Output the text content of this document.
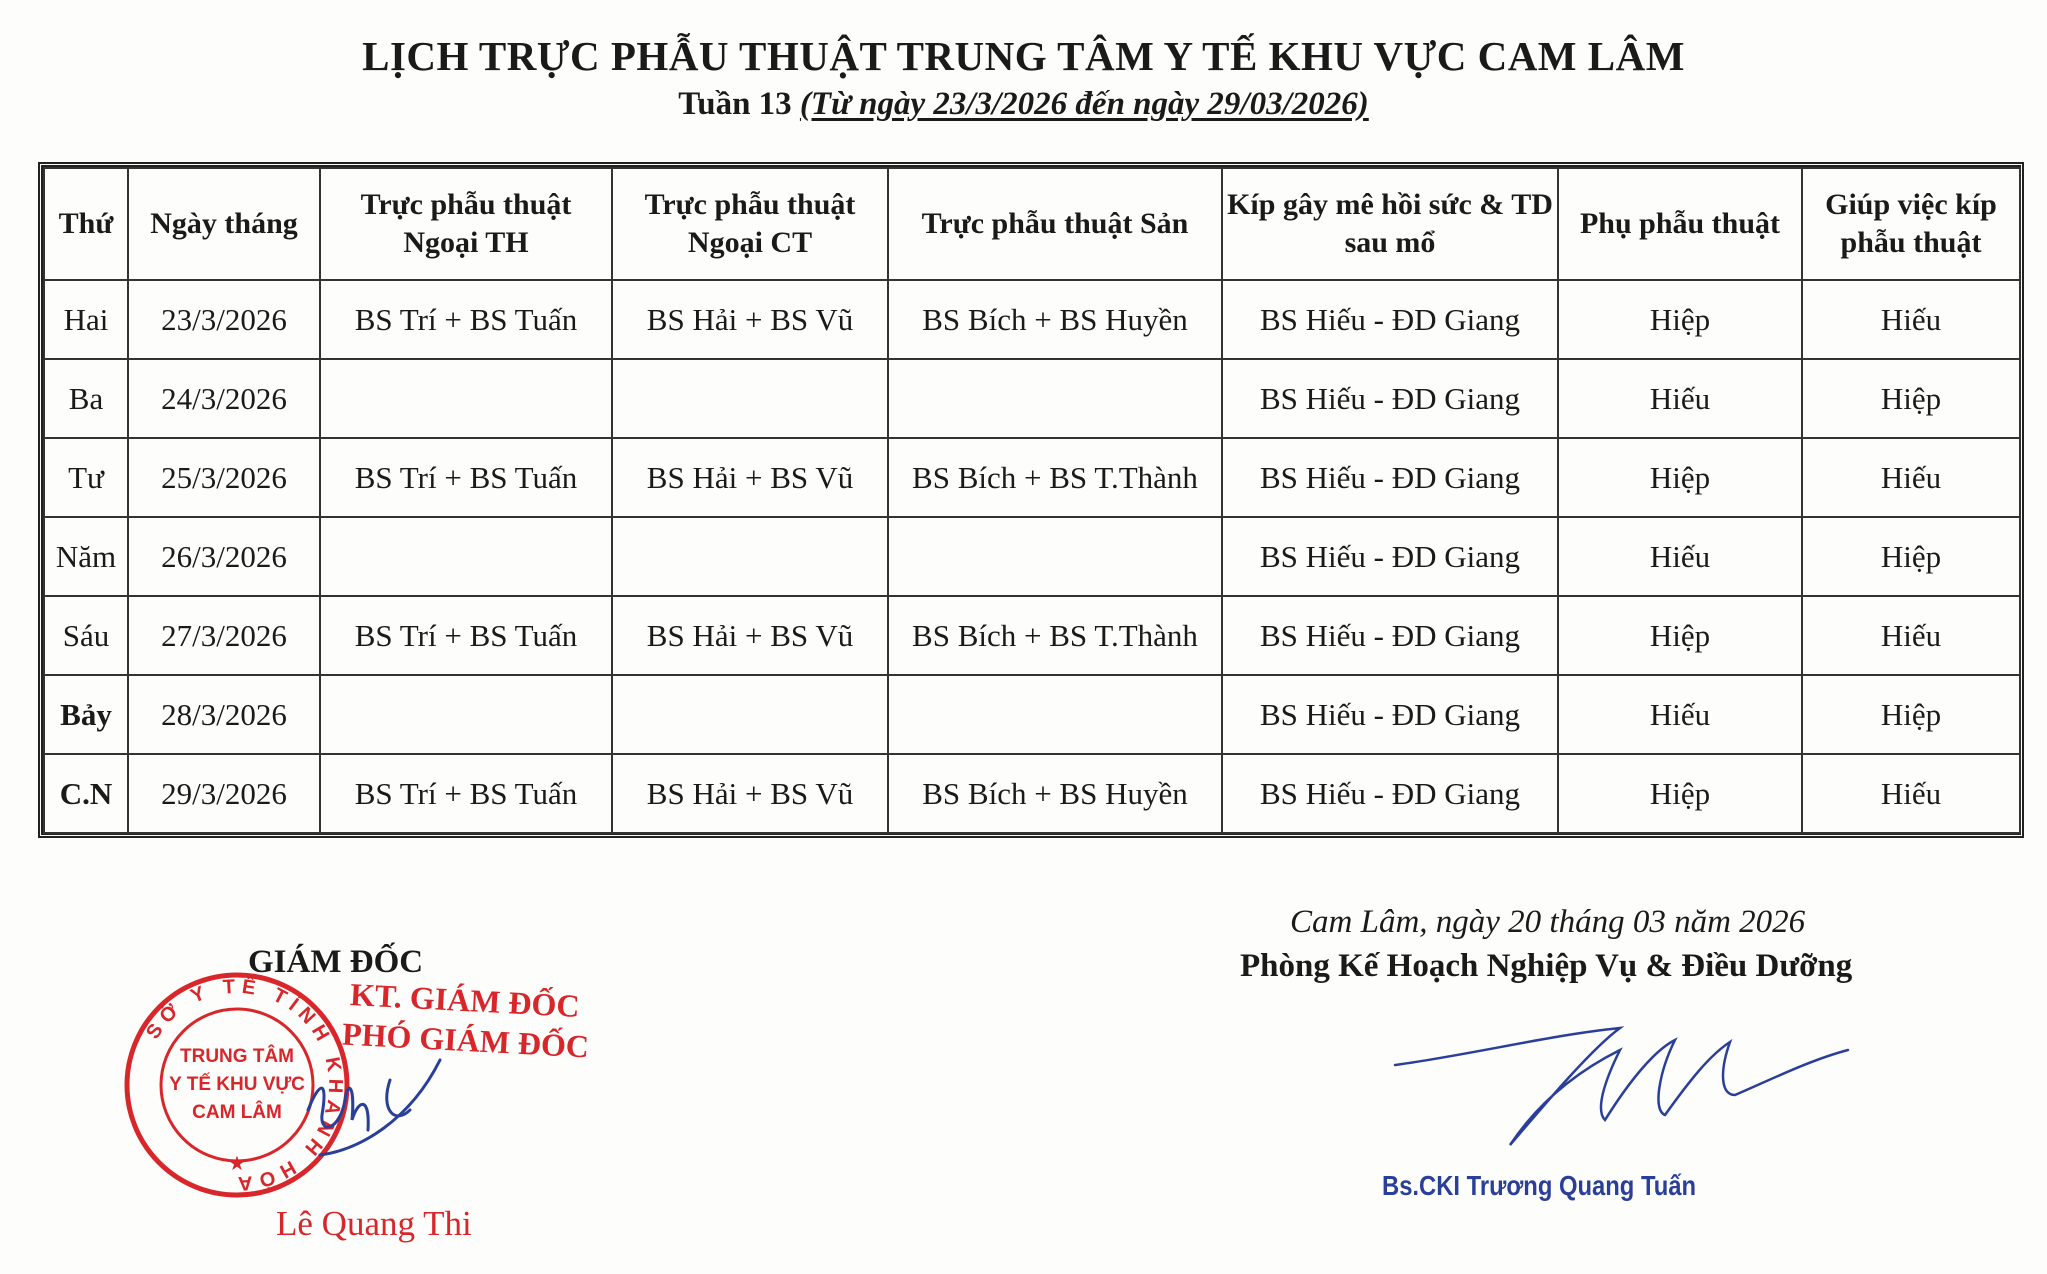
LỊCH TRỰC PHẪU THUẬT TRUNG TÂM Y TẾ KHU VỰC CAM LÂM
Tuần 13 (Từ ngày 23/3/2026 đến ngày 29/03/2026)
Thứ	Ngày tháng	Trực phẫu thuật Ngoại TH	Trực phẫu thuật Ngoại CT	Trực phẫu thuật Sản	Kíp gây mê hồi sức & TD sau mổ	Phụ phẫu thuật	Giúp việc kíp phẫu thuật
Hai	23/3/2026	BS Trí + BS Tuấn	BS Hải + BS Vũ	BS Bích + BS Huyền	BS Hiếu - ĐD Giang	Hiệp	Hiếu
Ba	24/3/2026				BS Hiếu - ĐD Giang	Hiếu	Hiệp
Tư	25/3/2026	BS Trí + BS Tuấn	BS Hải + BS Vũ	BS Bích + BS T.Thành	BS Hiếu - ĐD Giang	Hiệp	Hiếu
Năm	26/3/2026				BS Hiếu - ĐD Giang	Hiếu	Hiệp
Sáu	27/3/2026	BS Trí + BS Tuấn	BS Hải + BS Vũ	BS Bích + BS T.Thành	BS Hiếu - ĐD Giang	Hiệp	Hiếu
Bảy	28/3/2026				BS Hiếu - ĐD Giang	Hiếu	Hiệp
C.N	29/3/2026	BS Trí + BS Tuấn	BS Hải + BS Vũ	BS Bích + BS Huyền	BS Hiếu - ĐD Giang	Hiệp	Hiếu
GIÁM ĐỐC
KT. GIÁM ĐỐC
PHÓ GIÁM ĐỐC
SỞ Y TẾ TỈNH KHÁNH HÒA
TRUNG TÂM
Y TẾ KHU VỰC
CAM LÂM
★
Lê Quang Thi
Cam Lâm, ngày 20 tháng 03 năm 2026
Phòng Kế Hoạch Nghiệp Vụ & Điều Dưỡng
Bs.CKI Trương Quang Tuấn
